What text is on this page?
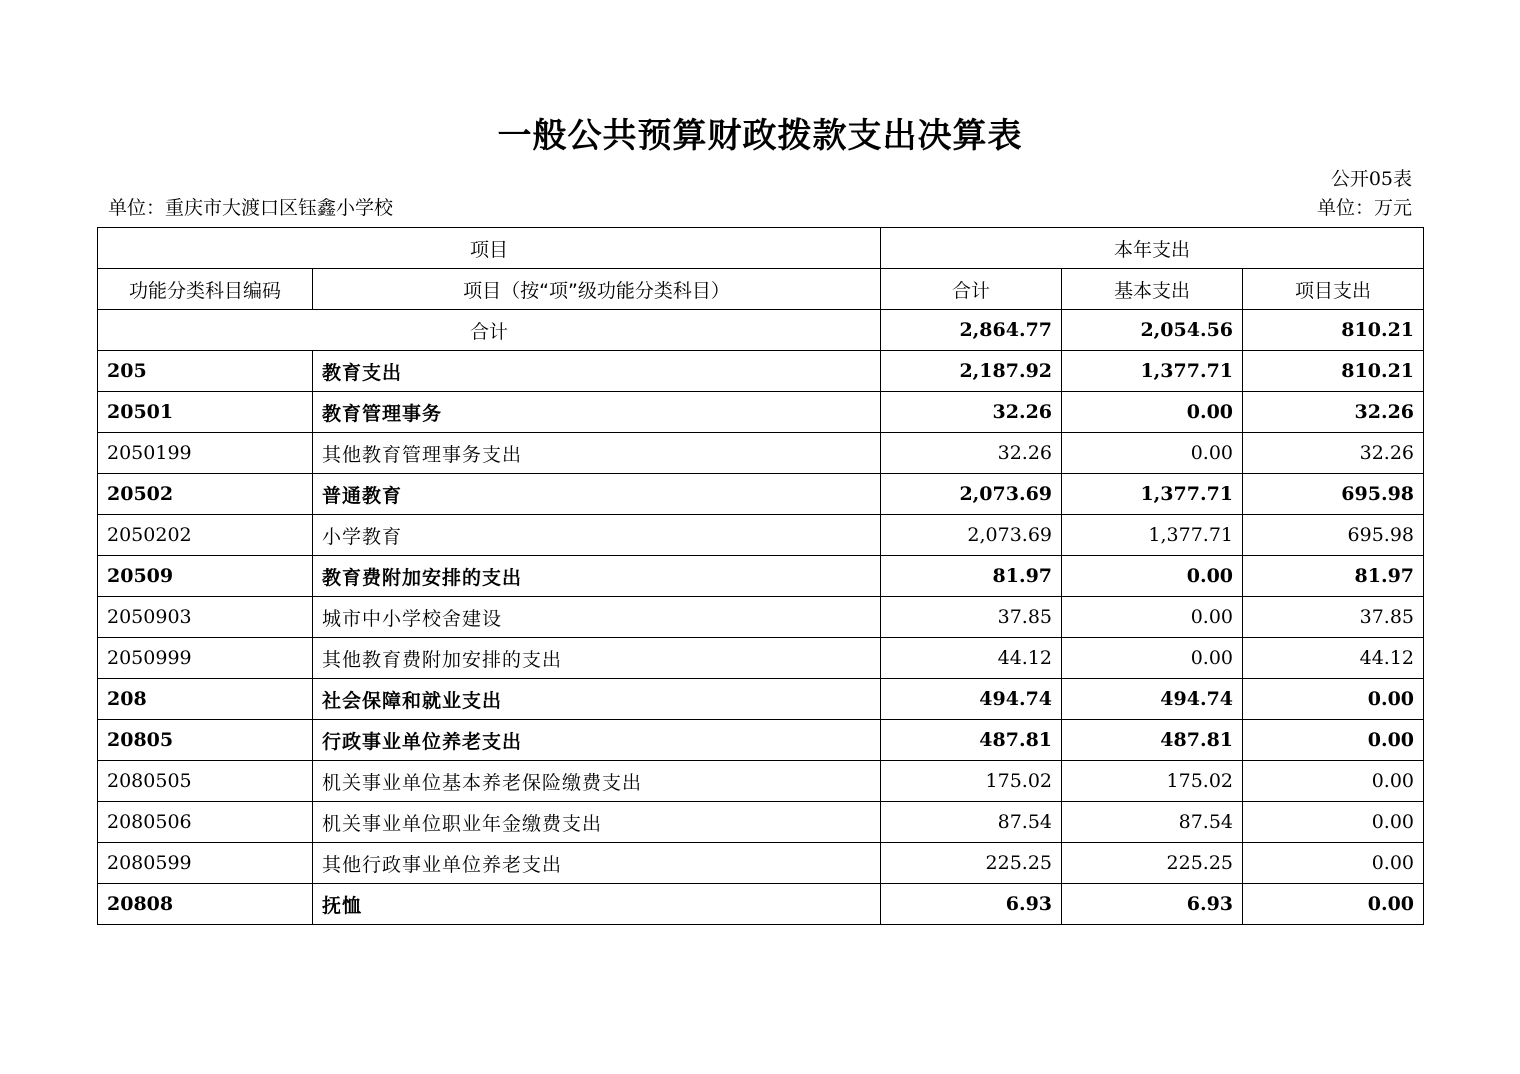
一般公共预算财政拨款支出决算表
公开05表
单位：重庆市大渡口区钰鑫小学校	单位：万元
项目		本年支出		
功能分类科目编码	项目（按“项”级功能分类科目）	合计	基本支出	项目支出
合计		2,864.77	2,054.56	810.21
205	教育支出	2,187.92	1,377.71	810.21
20501	教育管理事务	32.26	0.00	32.26
2050199	其他教育管理事务支出	32.26	0.00	32.26
20502	普通教育	2,073.69	1,377.71	695.98
2050202	小学教育	2,073.69	1,377.71	695.98
20509	教育费附加安排的支出	81.97	0.00	81.97
2050903	城市中小学校舍建设	37.85	0.00	37.85
2050999	其他教育费附加安排的支出	44.12	0.00	44.12
208	社会保障和就业支出	494.74	494.74	0.00
20805	行政事业单位养老支出	487.81	487.81	0.00
2080505	机关事业单位基本养老保险缴费支出	175.02	175.02	0.00
2080506	机关事业单位职业年金缴费支出	87.54	87.54	0.00
2080599	其他行政事业单位养老支出	225.25	225.25	0.00
20808	抚恤	6.93	6.93	0.00
